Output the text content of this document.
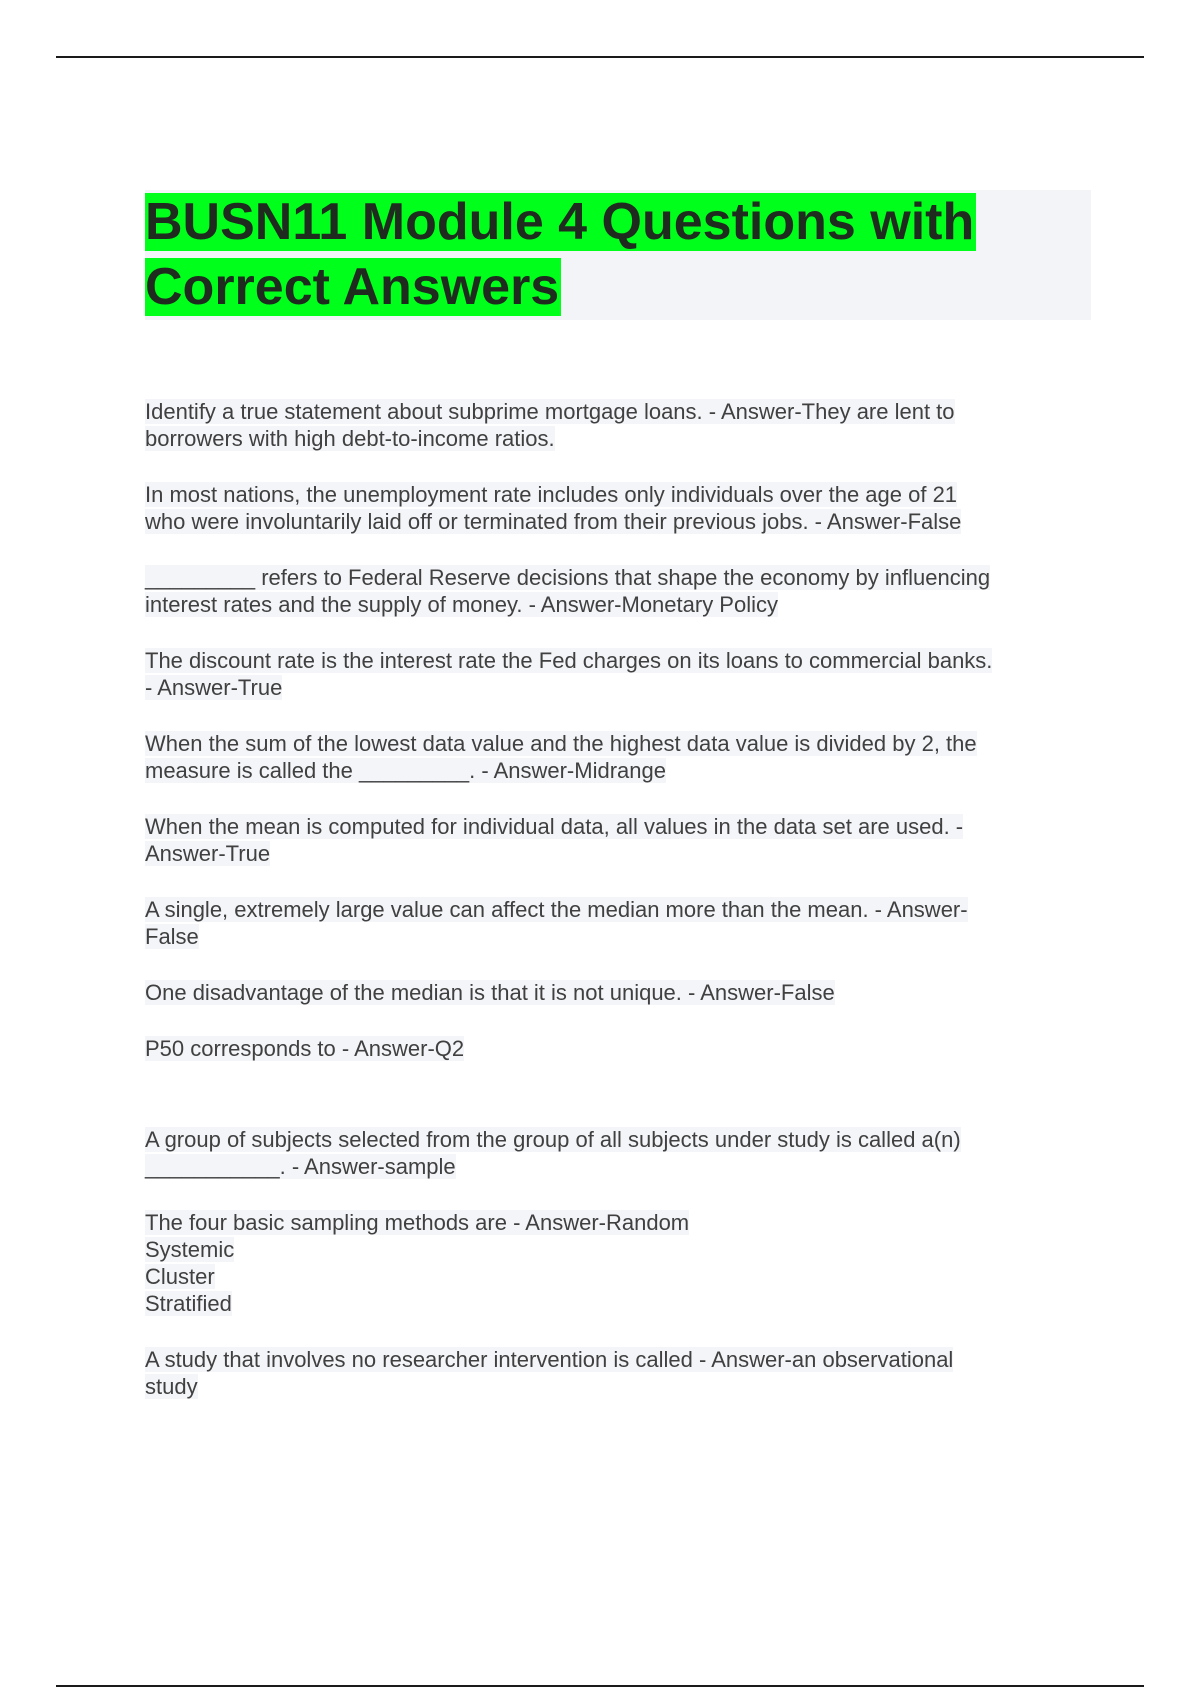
BUSN11 Module 4 Questions with Correct Answers

Identify a true statement about subprime mortgage loans. - Answer-They are lent to
borrowers with high debt-to-income ratios.

In most nations, the unemployment rate includes only individuals over the age of 21
who were involuntarily laid off or terminated from their previous jobs. - Answer-False

_________ refers to Federal Reserve decisions that shape the economy by influencing
interest rates and the supply of money. - Answer-Monetary Policy

The discount rate is the interest rate the Fed charges on its loans to commercial banks.
- Answer-True

When the sum of the lowest data value and the highest data value is divided by 2, the
measure is called the _________. - Answer-Midrange

When the mean is computed for individual data, all values in the data set are used. -
Answer-True

A single, extremely large value can affect the median more than the mean. - Answer-
False

One disadvantage of the median is that it is not unique. - Answer-False

P50 corresponds to - Answer-Q2

A group of subjects selected from the group of all subjects under study is called a(n)
___________. - Answer-sample

The four basic sampling methods are - Answer-Random
Systemic
Cluster
Stratified

A study that involves no researcher intervention is called - Answer-an observational
study
